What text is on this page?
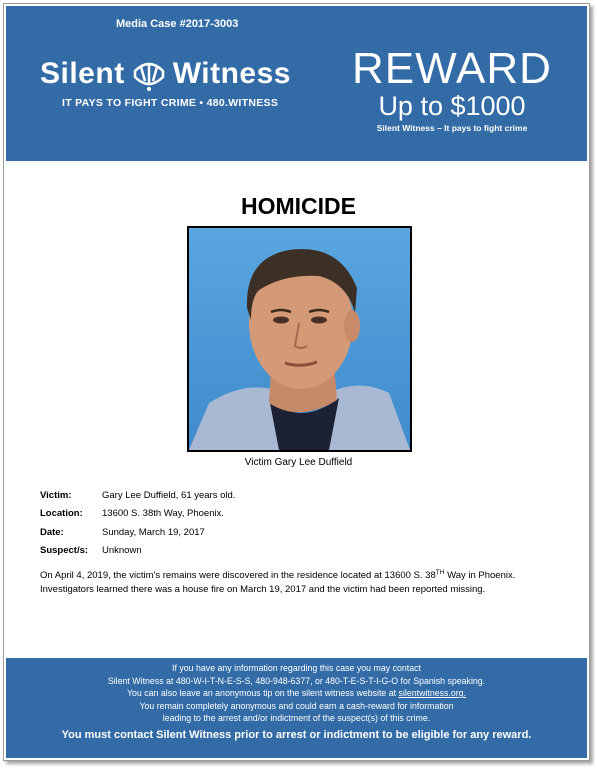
Media Case #2017-3003
Silent Witness
IT PAYS TO FIGHT CRIME • 480.WITNESS
REWARD
Up to $1000
Silent Witness – It pays to fight crime
HOMICIDE
Victim Gary Lee Duffield
Victim:	Gary Lee Duffield, 61 years old.
Location:	13600 S. 38th Way, Phoenix.
Date:	Sunday, March 19, 2017
Suspect/s:	Unknown
On April 4, 2019, the victim's remains were discovered in the residence located at 13600 S. 38TH Way in Phoenix. Investigators learned there was a house fire on March 19, 2017 and the victim had been reported missing.
If you have any information regarding this case you may contact
Silent Witness at 480-W-I-T-N-E-S-S, 480-948-6377, or 480-T-E-S-T-I-G-O for Spanish speaking.
You can also leave an anonymous tip on the silent witness website at silentwitness.org.
You remain completely anonymous and could earn a cash-reward for information
leading to the arrest and/or indictment of the suspect(s) of this crime.
You must contact Silent Witness prior to arrest or indictment to be eligible for any reward.
